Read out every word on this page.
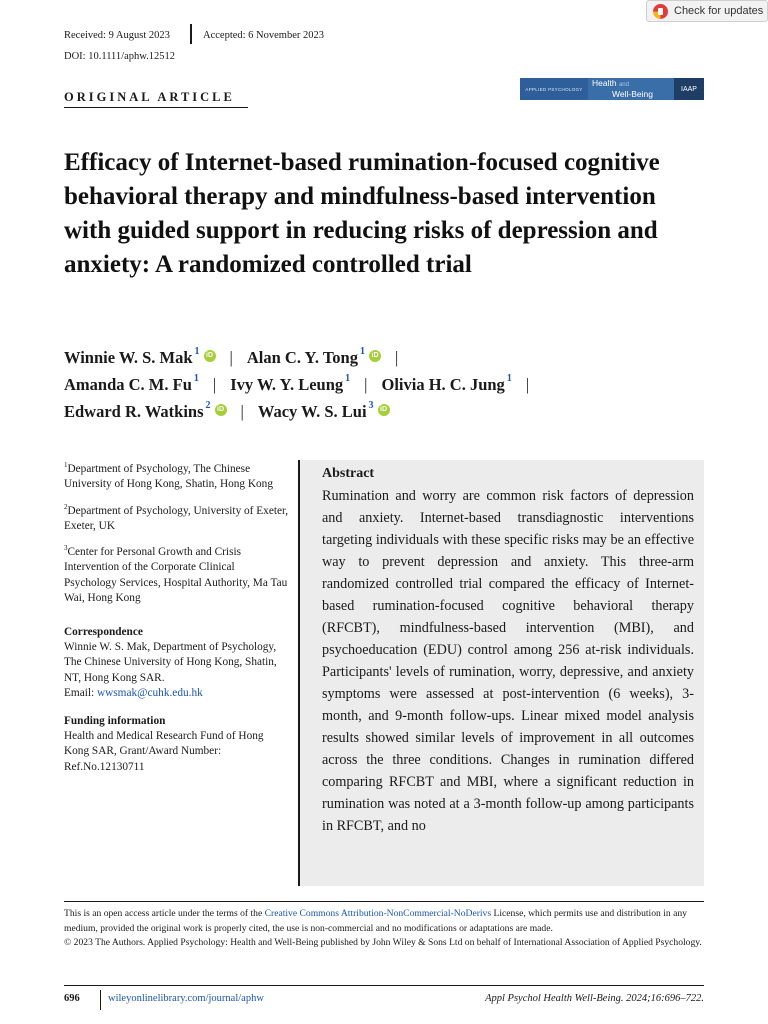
Check for updates
Received: 9 August 2023	Accepted: 6 November 2023
DOI: 10.1111/aphw.12512
ORIGINAL ARTICLE
APPLIED PSYCHOLOGY
Health and
Well-Being	IAAP
Efficacy of Internet-based rumination-focused cognitive behavioral therapy and mindfulness-based intervention with guided support in reducing risks of depression and anxiety: A randomized controlled trial
Winnie W. S. Mak$^1$ iD | Alan C. Y. Tong$^1$ iD |
Amanda C. M. Fu$^1$ | Ivy W. Y. Leung$^1$ | Olivia H. C. Jung$^1$ |
Edward R. Watkins$^2$ iD | Wacy W. S. Lui$^3$ iD

$^1$Department of Psychology, The Chinese University of Hong Kong, Shatin, Hong Kong

$^2$Department of Psychology, University of Exeter, Exeter, UK

$^3$Center for Personal Growth and Crisis Intervention of the Corporate Clinical Psychology Services, Hospital Authority, Ma Tau Wai, Hong Kong

Correspondence

Winnie W. S. Mak, Department of Psychology, The Chinese University of Hong Kong, Shatin, NT, Hong Kong SAR.
Email: wwsmak@cuhk.edu.hk

Funding information

Health and Medical Research Fund of Hong Kong SAR, Grant/Award Number: Ref.No.12130711

Abstract

Rumination and worry are common risk factors of depression and anxiety. Internet-based transdiagnostic interventions targeting individuals with these specific risks may be an effective way to prevent depression and anxiety. This three-arm randomized controlled trial compared the efficacy of Internet-based rumination-focused cognitive behavioral therapy (RFCBT), mindfulness-based intervention (MBI), and psychoeducation (EDU) control among 256 at-risk individuals. Participants' levels of rumination, worry, depressive, and anxiety symptoms were assessed at post-intervention (6 weeks), 3-month, and 9-month follow-ups. Linear mixed model analysis results showed similar levels of improvement in all outcomes across the three conditions. Changes in rumination differed comparing RFCBT and MBI, where a significant reduction in rumination was noted at a 3-month follow-up among participants in RFCBT, and no

This is an open access article under the terms of the Creative Commons Attribution-NonCommercial-NoDerivs License, which permits use and distribution in any medium, provided the original work is properly cited, the use is non-commercial and no modifications or adaptations are made.

© 2023 The Authors. Applied Psychology: Health and Well-Being published by John Wiley & Sons Ltd on behalf of International Association of Applied Psychology.

696	wileyonlinelibrary.com/journal/aphw	Appl Psychol Health Well-Being. 2024;16:696–722.
